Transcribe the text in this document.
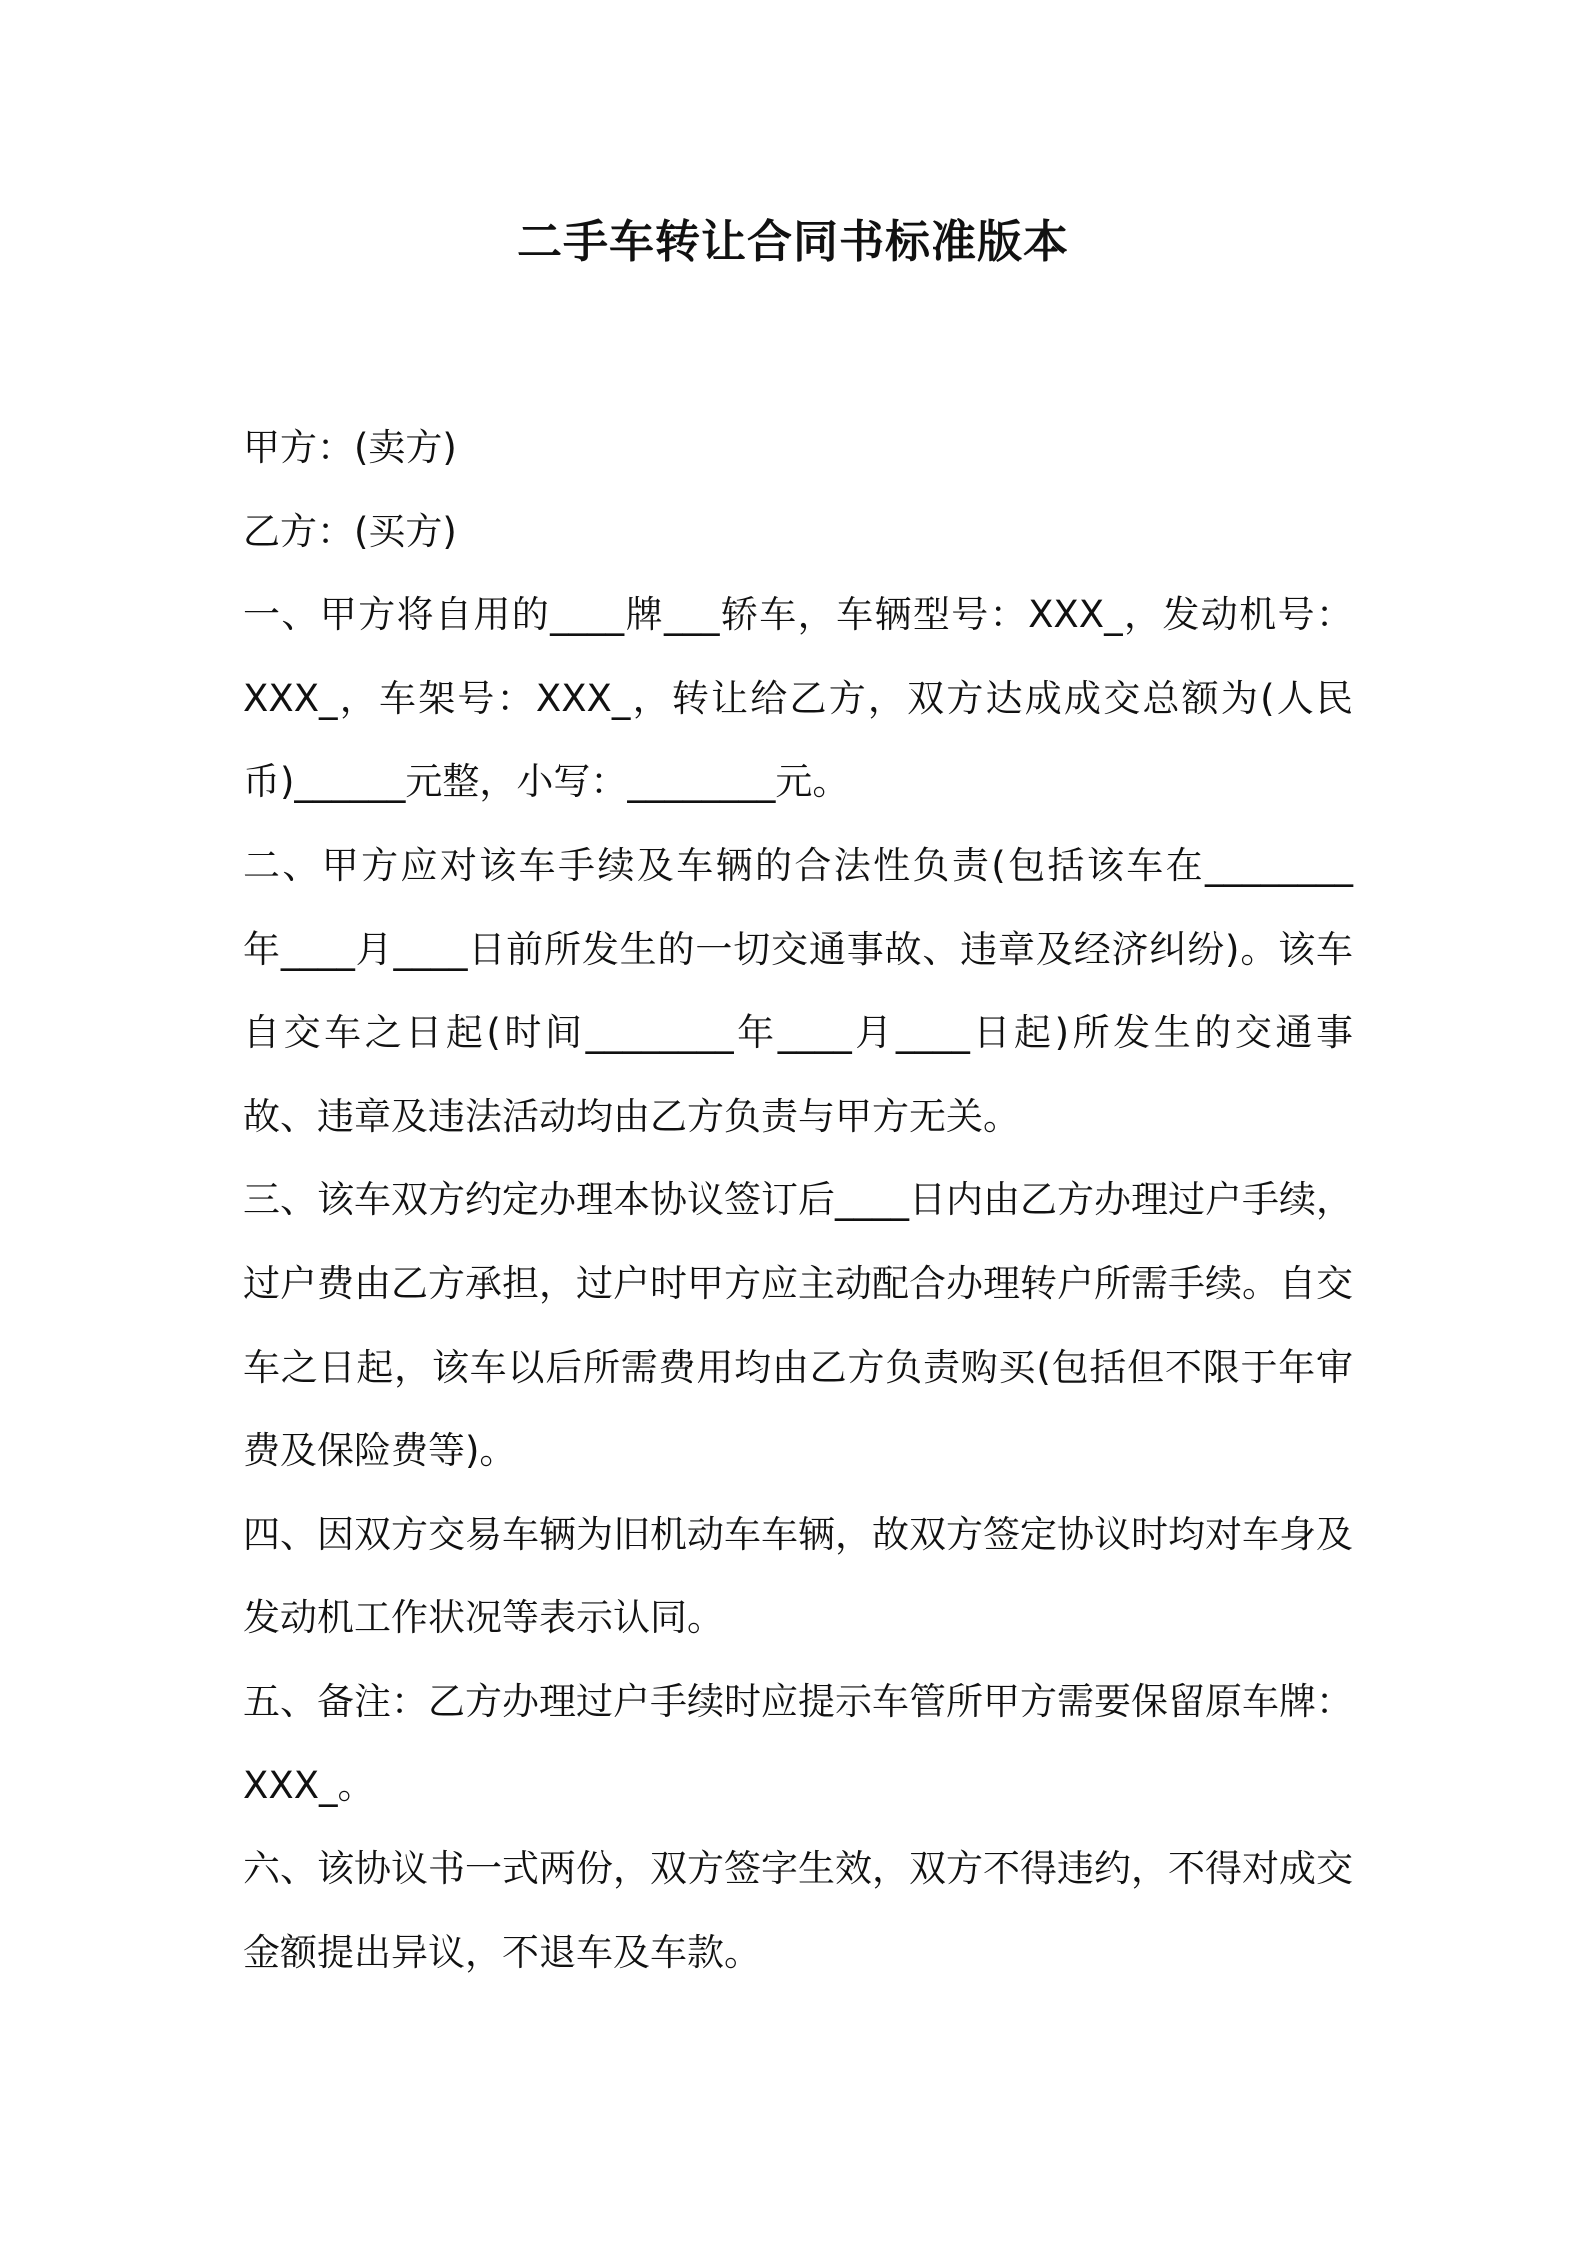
二手车转让合同书标准版本

甲方：(卖方)

乙方：(买方)

一、甲方将自用的____牌___轿车，车辆型号：XXX_，发动机号：

XXX_，车架号：XXX_，转让给乙方，双方达成成交总额为(人民

币)______元整，小写：________元。

二、甲方应对该车手续及车辆的合法性负责(包括该车在________

年____月____日前所发生的一切交通事故、违章及经济纠纷)。该车

自交车之日起(时间________年____月____日起)所发生的交通事

故、违章及违法活动均由乙方负责与甲方无关。

三、该车双方约定办理本协议签订后____日内由乙方办理过户手续，

过户费由乙方承担，过户时甲方应主动配合办理转户所需手续。自交

车之日起，该车以后所需费用均由乙方负责购买(包括但不限于年审

费及保险费等)。

四、因双方交易车辆为旧机动车车辆，故双方签定协议时均对车身及

发动机工作状况等表示认同。

五、备注：乙方办理过户手续时应提示车管所甲方需要保留原车牌：

XXX_。

六、该协议书一式两份，双方签字生效，双方不得违约，不得对成交

金额提出异议，不退车及车款。
